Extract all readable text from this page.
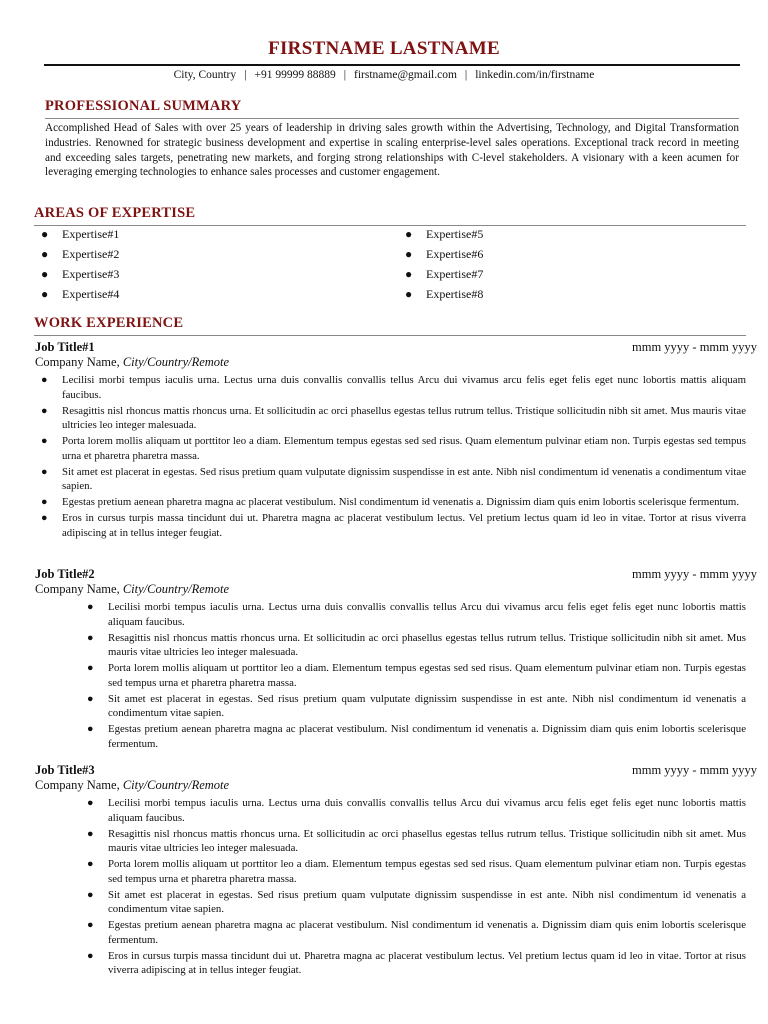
FIRSTNAME LASTNAME
City, Country | +91 99999 88889 | firstname@gmail.com | linkedin.com/in/firstname
PROFESSIONAL SUMMARY
Accomplished Head of Sales with over 25 years of leadership in driving sales growth within the Advertising, Technology, and Digital Transformation industries. Renowned for strategic business development and expertise in scaling enterprise-level sales operations. Exceptional track record in meeting and exceeding sales targets, penetrating new markets, and forging strong relationships with C-level stakeholders. A visionary with a keen acumen for leveraging emerging technologies to enhance sales processes and customer engagement.
AREAS OF EXPERTISE
● Expertise#1
● Expertise#2
● Expertise#3
● Expertise#4
● Expertise#5
● Expertise#6
● Expertise#7
● Expertise#8
WORK EXPERIENCE
Job Title#1	mmm yyyy - mmm yyyy
Company Name, City/Country/Remote
● Lecilisi morbi tempus iaculis urna. Lectus urna duis convallis convallis tellus Arcu dui vivamus arcu felis eget felis eget nunc lobortis mattis aliquam faucibus.
● Resagittis nisl rhoncus mattis rhoncus urna. Et sollicitudin ac orci phasellus egestas tellus rutrum tellus. Tristique sollicitudin nibh sit amet. Mus mauris vitae ultricies leo integer malesuada.
● Porta lorem mollis aliquam ut porttitor leo a diam. Elementum tempus egestas sed sed risus. Quam elementum pulvinar etiam non. Turpis egestas sed tempus urna et pharetra pharetra massa.
● Sit amet est placerat in egestas. Sed risus pretium quam vulputate dignissim suspendisse in est ante. Nibh nisl condimentum id venenatis a condimentum vitae sapien.
● Egestas pretium aenean pharetra magna ac placerat vestibulum. Nisl condimentum id venenatis a. Dignissim diam quis enim lobortis scelerisque fermentum.
● Eros in cursus turpis massa tincidunt dui ut. Pharetra magna ac placerat vestibulum lectus. Vel pretium lectus quam id leo in vitae. Tortor at risus viverra adipiscing at in tellus integer feugiat.
Job Title#2	mmm yyyy - mmm yyyy
Company Name, City/Country/Remote
● Lecilisi morbi tempus iaculis urna. Lectus urna duis convallis convallis tellus Arcu dui vivamus arcu felis eget felis eget nunc lobortis mattis aliquam faucibus.
● Resagittis nisl rhoncus mattis rhoncus urna. Et sollicitudin ac orci phasellus egestas tellus rutrum tellus. Tristique sollicitudin nibh sit amet. Mus mauris vitae ultricies leo integer malesuada.
● Porta lorem mollis aliquam ut porttitor leo a diam. Elementum tempus egestas sed sed risus. Quam elementum pulvinar etiam non. Turpis egestas sed tempus urna et pharetra pharetra massa.
● Sit amet est placerat in egestas. Sed risus pretium quam vulputate dignissim suspendisse in est ante. Nibh nisl condimentum id venenatis a condimentum vitae sapien.
● Egestas pretium aenean pharetra magna ac placerat vestibulum. Nisl condimentum id venenatis a. Dignissim diam quis enim lobortis scelerisque fermentum.
Job Title#3	mmm yyyy - mmm yyyy
Company Name, City/Country/Remote
● Lecilisi morbi tempus iaculis urna. Lectus urna duis convallis convallis tellus Arcu dui vivamus arcu felis eget felis eget nunc lobortis mattis aliquam faucibus.
● Resagittis nisl rhoncus mattis rhoncus urna. Et sollicitudin ac orci phasellus egestas tellus rutrum tellus. Tristique sollicitudin nibh sit amet. Mus mauris vitae ultricies leo integer malesuada.
● Porta lorem mollis aliquam ut porttitor leo a diam. Elementum tempus egestas sed sed risus. Quam elementum pulvinar etiam non. Turpis egestas sed tempus urna et pharetra pharetra massa.
● Sit amet est placerat in egestas. Sed risus pretium quam vulputate dignissim suspendisse in est ante. Nibh nisl condimentum id venenatis a condimentum vitae sapien.
● Egestas pretium aenean pharetra magna ac placerat vestibulum. Nisl condimentum id venenatis a. Dignissim diam quis enim lobortis scelerisque fermentum.
● Eros in cursus turpis massa tincidunt dui ut. Pharetra magna ac placerat vestibulum lectus. Vel pretium lectus quam id leo in vitae. Tortor at risus viverra adipiscing at in tellus integer feugiat.
